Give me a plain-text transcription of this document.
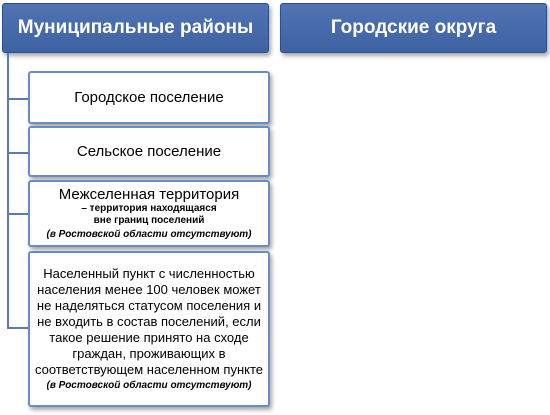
Муниципальные районы	Городские округа
Городское поселение
Сельское поселение
Межселенная территория
– территория находящаяся
вне границ поселений
(в Ростовской области отсутствуют)
Населенный пункт с численностью
населения менее 100 человек может
не наделяться статусом поселения и
не входить в состав поселений, если
такое решение принято на сходе
граждан, проживающих в
соответствующем населенном пункте
(в Ростовской области отсутствуют)
